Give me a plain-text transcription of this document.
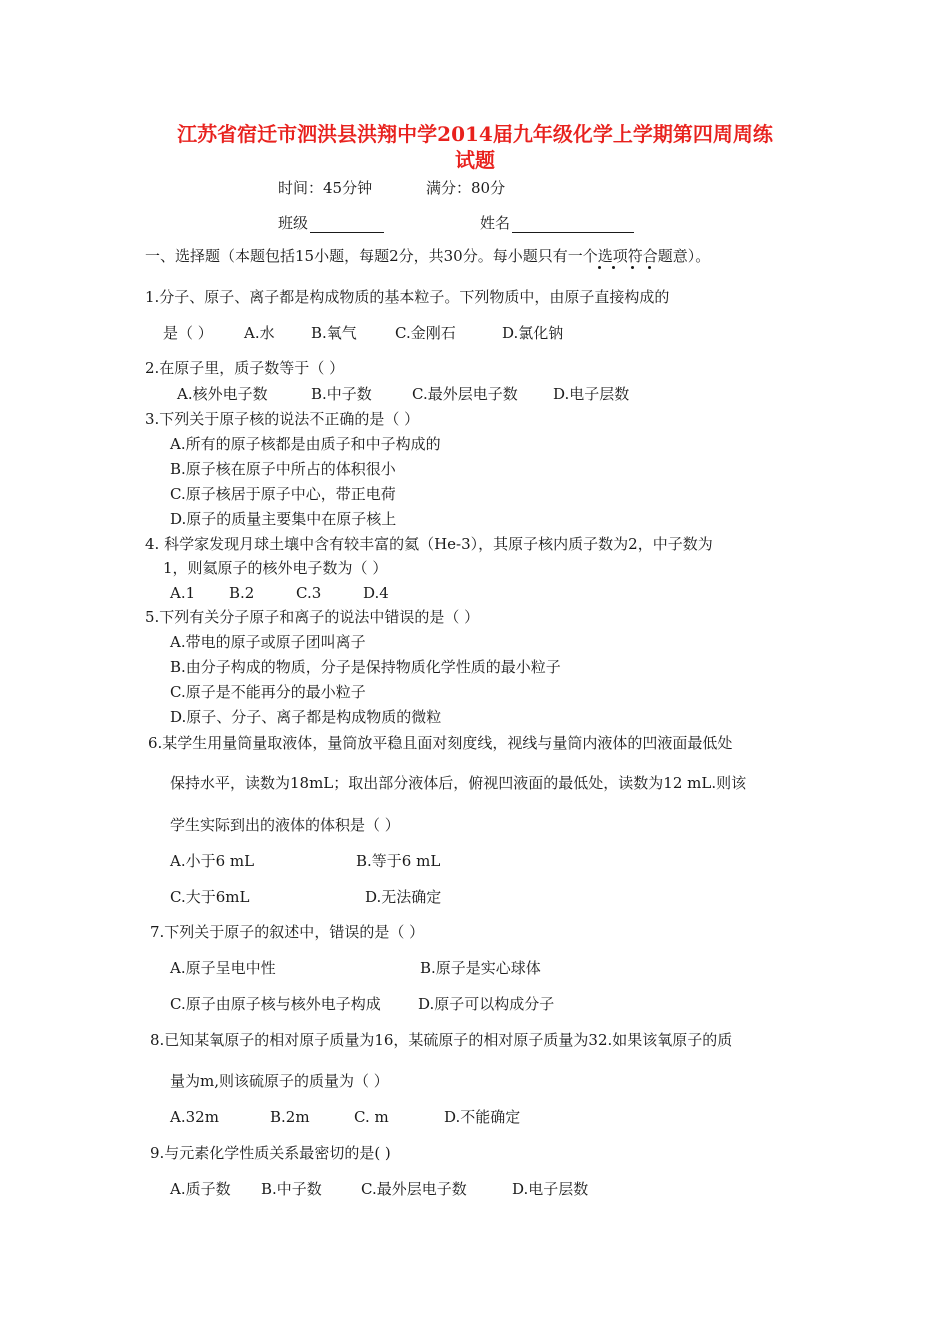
江苏省宿迁市泗洪县洪翔中学2014届九年级化学上学期第四周周练
试题
时间：45分钟	满分：80分
班级	姓名
一、选择题（本题包括15小题，每题2分，共30分。每小题只有一个选项符合题意）。
1.分子、原子、离子都是构成物质的基本粒子。下列物质中，由原子直接构成的
是（ ） A.水 B.氧气	C.金刚石	D.氯化钠
2.在原子里，质子数等于（ ）
A.核外电子数	B.中子数	C.最外层电子数 D.电子层数
3.下列关于原子核的说法不正确的是（ ）
A.所有的原子核都是由质子和中子构成的
B.原子核在原子中所占的体积很小
C.原子核居于原子中心，带正电荷
D.原子的质量主要集中在原子核上
4. 科学家发现月球土壤中含有较丰富的氦（He-3），其原子核内质子数为2，中子数为
1，则氦原子的核外电子数为（ ）
A.1 B.2	C.3	D.4
5.下列有关分子原子和离子的说法中错误的是（ ）
A.带电的原子或原子团叫离子
B.由分子构成的物质，分子是保持物质化学性质的最小粒子
C.原子是不能再分的最小粒子
D.原子、分子、离子都是构成物质的微粒
6.某学生用量筒量取液体，量筒放平稳且面对刻度线，视线与量筒内液体的凹液面最低处
保持水平，读数为18mL；取出部分液体后，俯视凹液面的最低处，读数为12 mL.则该
学生实际到出的液体的体积是（ ）
A.小于6 mL	B.等于6 mL
C.大于6mL	D.无法确定
7.下列关于原子的叙述中，错误的是（ ）
A.原子呈电中性	B.原子是实心球体
C.原子由原子核与核外电子构成 D.原子可以构成分子
8.已知某氧原子的相对原子质量为16，某硫原子的相对原子质量为32.如果该氧原子的质
量为m,则该硫原子的质量为（ ）
A.32m	B.2m	C. m	D.不能确定
9.与元素化学性质关系最密切的是( )
A.质子数 B.中子数	C.最外层电子数	D.电子层数
